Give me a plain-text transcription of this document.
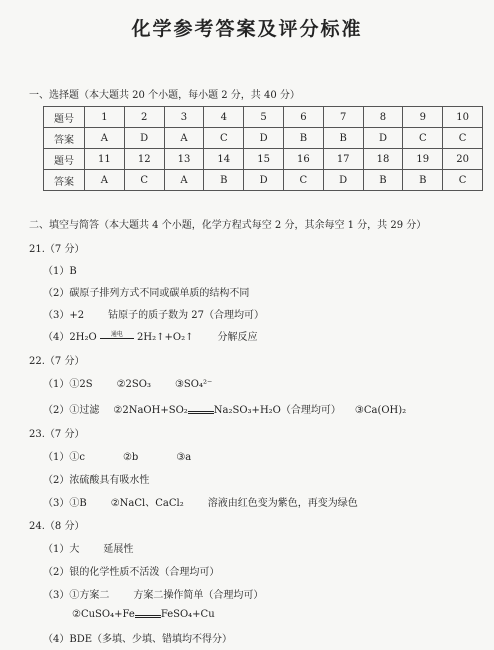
化学参考答案及评分标准
一、选择题（本大题共 20 个小题，每小题 2 分，共 40 分）
题号	1	2	3	4	5	6	7	8	9	10
答案	A	D	A	C	D	B	B	D	C	C
题号	11	12	13	14	15	16	17	18	19	20
答案	A	C	A	B	D	C	D	B	B	C
二、填空与简答（本大题共 4 个小题，化学方程式每空 2 分，其余每空 1 分，共 29 分）
21.（7 分）
（1）B
（2）碳原子排列方式不同或碳单质的结构不同
（3）+2 钴原子的质子数为 27（合理均可）
（4）2H₂O	通电	2H₂↑+O₂↑ 分解反应
22.（7 分）
（1）①2S ②2SO₃ ③SO₄²⁻
（2）①过滤 ②2NaOH+SO₂	Na₂SO₃+H₂O（合理均可） ③Ca(OH)₂
23.（7 分）
（1）①c	②b	③a
（2）浓硫酸具有吸水性
（3）①B ②NaCl、CaCl₂ 溶液由红色变为紫色，再变为绿色
24.（8 分）
（1）大 延展性
（2）银的化学性质不活泼（合理均可）
（3）①方案二 方案二操作简单（合理均可）
②CuSO₄+Fe	FeSO₄+Cu
（4）BDE（多填、少填、错填均不得分）
